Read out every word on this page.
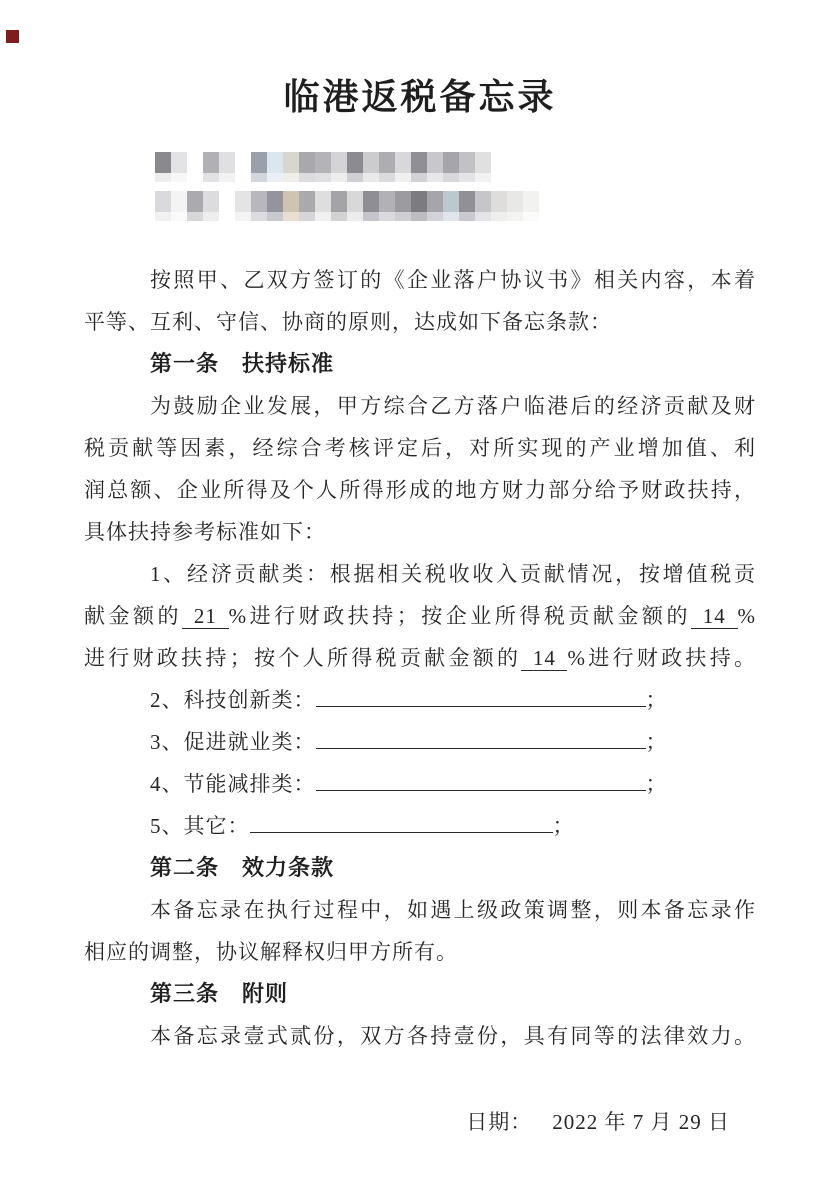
临港返税备忘录
按照甲、乙双方签订的《企业落户协议书》相关内容，本着
平等、互利、守信、协商的原则，达成如下备忘条款：
第一条　扶持标准
为鼓励企业发展，甲方综合乙方落户临港后的经济贡献及财
税贡献等因素，经综合考核评定后，对所实现的产业增加值、利
润总额、企业所得及个人所得形成的地方财力部分给予财政扶持，
具体扶持参考标准如下：
1、经济贡献类：根据相关税收收入贡献情况，按增值税贡
献金额的 21 %进行财政扶持；按企业所得税贡献金额的 14 %
进行财政扶持；按个人所得税贡献金额的 14 %进行财政扶持。
2、科技创新类：	；
3、促进就业类：	；
4、节能减排类：	；
5、其它：	；
第二条　效力条款
本备忘录在执行过程中，如遇上级政策调整，则本备忘录作
相应的调整，协议解释权归甲方所有。
第三条　附则
本备忘录壹式贰份，双方各持壹份，具有同等的法律效力。
日期： 2022 年 7 月 29 日
